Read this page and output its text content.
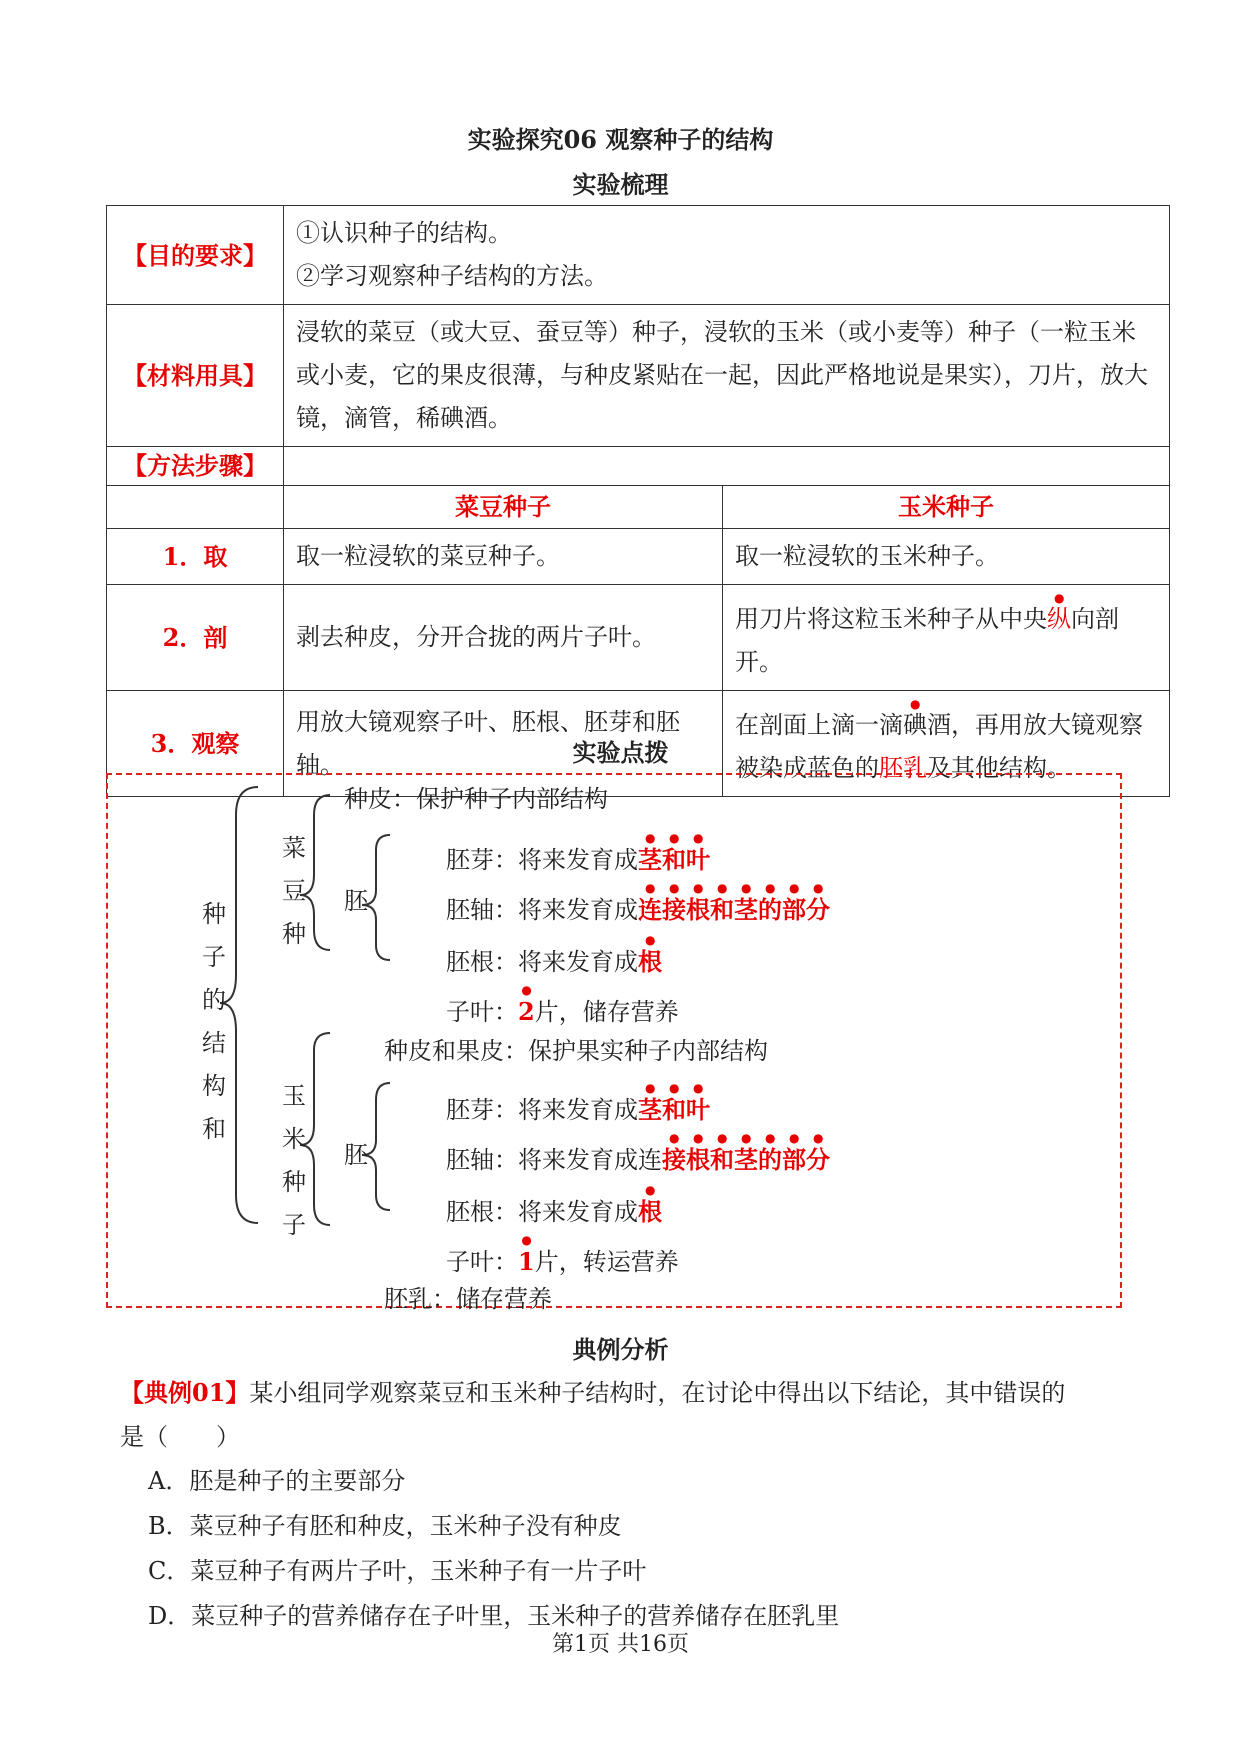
实验探究06 观察种子的结构
实验梳理
【目的要求】	①认识种子的结构。
②学习观察种子结构的方法。	

【材料用具】	浸软的菜豆（或大豆、蚕豆等）种子，浸软的玉米（或小麦等）种子（一粒玉米或小麦，它的果皮很薄，与种皮紧贴在一起，因此严格地说是果实），刀片，放大镜，滴管，稀碘酒。	
【方法步骤】		
	菜豆种子	玉米种子
1．取	取一粒浸软的菜豆种子。	取一粒浸软的玉米种子。
2．剖	剥去种皮，分开合拢的两片子叶。	用刀片将这粒玉米种子从中央纵向剖开。
3．观察	用放大镜观察子叶、胚根、胚芽和胚轴。	在剖面上滴一滴碘酒，再用放大镜观察被染成蓝色的胚乳及其他结构。
实验点拨
种
子
的
结
构
和
菜
豆
种
玉
米
种
子
胚
胚
种皮：保护种子内部结构
胚芽：将来发育成茎和叶
胚轴：将来发育成连接根和茎的部分
胚根：将来发育成根
子叶：2片，储存营养
种皮和果皮：保护果实种子内部结构
胚芽：将来发育成茎和叶
胚轴：将来发育成连接根和茎的部分
胚根：将来发育成根
子叶：1片，转运营养
胚乳：储存营养
典例分析
【典例01】某小组同学观察菜豆和玉米种子结构时，在讨论中得出以下结论，其中错误的
是（　　）
A．胚是种子的主要部分
B．菜豆种子有胚和种皮，玉米种子没有种皮
C．菜豆种子有两片子叶，玉米种子有一片子叶
D．菜豆种子的营养储存在子叶里，玉米种子的营养储存在胚乳里
第1页 共16页
